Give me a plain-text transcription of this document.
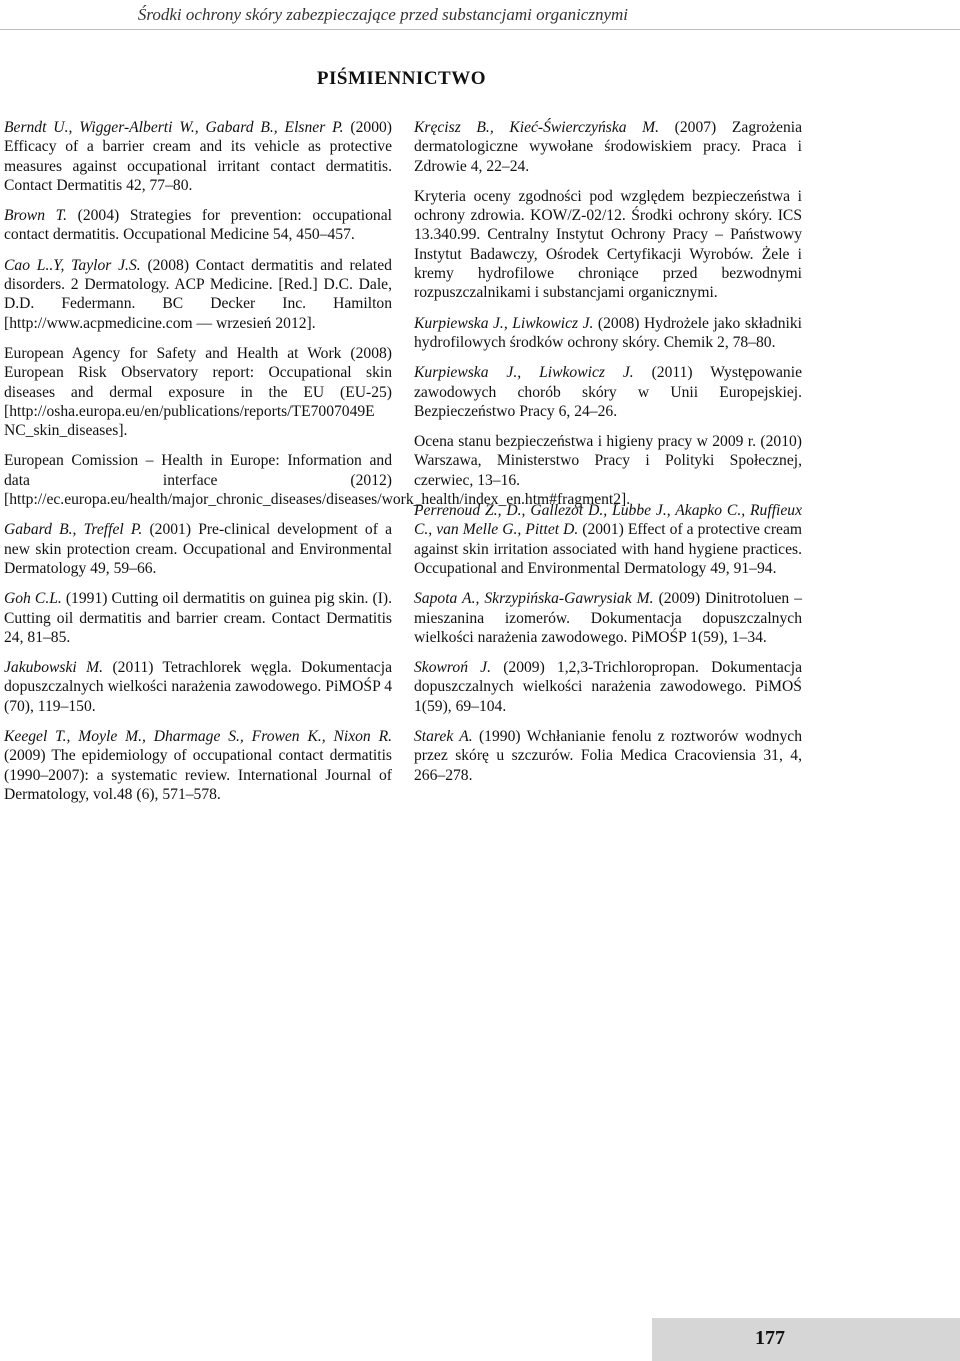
Środki ochrony skóry zabezpieczające przed substancjami organicznymi
PIŚMIENNICTWO

Berndt U., Wigger-Alberti W., Gabard B., Elsner P. (2000) Efficacy of a barrier cream and its vehicle as protective measures against occupational irritant contact dermatitis. Contact Dermatitis 42, 77–80.

Brown T. (2004) Strategies for prevention: occupational contact dermatitis. Occupational Medicine 54, 450–457.

Cao L..Y, Taylor J.S. (2008) Contact dermatitis and related disorders. 2 Dermatology. ACP Medicine. [Red.] D.C. Dale, D.D. Federmann. BC Decker Inc. Hamilton [http://www.acpmedicine.com — wrzesień 2012].

European Agency for Safety and Health at Work (2008) European Risk Observatory report: Occupational skin diseases and dermal exposure in the EU (EU-25) [http://osha.europa.eu/en/publications/reports/TE7007049E NC_skin_diseases].

European Comission – Health in Europe: Information and data interface (2012) [http://ec.europa.eu/health/major_chronic_diseases/diseases/work_health/index_en.htm#fragment2].

Gabard B., Treffel P. (2001) Pre-clinical development of a new skin protection cream. Occupational and Environmental Dermatology 49, 59–66.

Goh C.L. (1991) Cutting oil dermatitis on guinea pig skin. (I). Cutting oil dermatitis and barrier cream. Contact Dermatitis 24, 81–85.

Jakubowski M. (2011) Tetrachlorek węgla. Dokumentacja dopuszczalnych wielkości narażenia zawodowego. PiMOŚP 4 (70), 119–150.

Keegel T., Moyle M., Dharmage S., Frowen K., Nixon R. (2009) The epidemiology of occupational contact dermatitis (1990–2007): a systematic review. International Journal of Dermatology, vol.48 (6), 571–578.

Kręcisz B., Kieć-Świerczyńska M. (2007) Zagrożenia dermatologiczne wywołane środowiskiem pracy. Praca i Zdrowie 4, 22–24.

Kryteria oceny zgodności pod względem bezpieczeństwa i ochrony zdrowia. KOW/Z-02/12. Środki ochrony skóry. ICS 13.340.99. Centralny Instytut Ochrony Pracy – Państwowy Instytut Badawczy, Ośrodek Certyfikacji Wyrobów. Żele i kremy hydrofilowe chroniące przed bezwodnymi rozpuszczalnikami i substancjami organicznymi.

Kurpiewska J., Liwkowicz J. (2008) Hydrożele jako składniki hydrofilowych środków ochrony skóry. Chemik 2, 78–80.

Kurpiewska J., Liwkowicz J. (2011) Występowanie zawodowych chorób skóry w Unii Europejskiej. Bezpieczeństwo Pracy 6, 24–26.

Ocena stanu bezpieczeństwa i higieny pracy w 2009 r. (2010) Warszawa, Ministerstwo Pracy i Polityki Społecznej, czerwiec, 13–16.

Perrenoud Z., D., Gallezot D., Lubbe J., Akapko C., Ruffieux C., van Melle G., Pittet D. (2001) Effect of a protective cream against skin irritation associated with hand hygiene practices. Occupational and Environmental Dermatology 49, 91–94.

Sapota A., Skrzypińska-Gawrysiak M. (2009) Dinitrotoluen – mieszanina izomerów. Dokumentacja dopuszczalnych wielkości narażenia zawodowego. PiMOŚP 1(59), 1–34.

Skowroń J. (2009) 1,2,3-Trichloropropan. Dokumentacja dopuszczalnych wielkości narażenia zawodowego. PiMOŚ 1(59), 69–104.

Starek A. (1990) Wchłanianie fenolu z roztworów wodnych przez skórę u szczurów. Folia Medica Cracoviensia 31, 4, 266–278.

177
